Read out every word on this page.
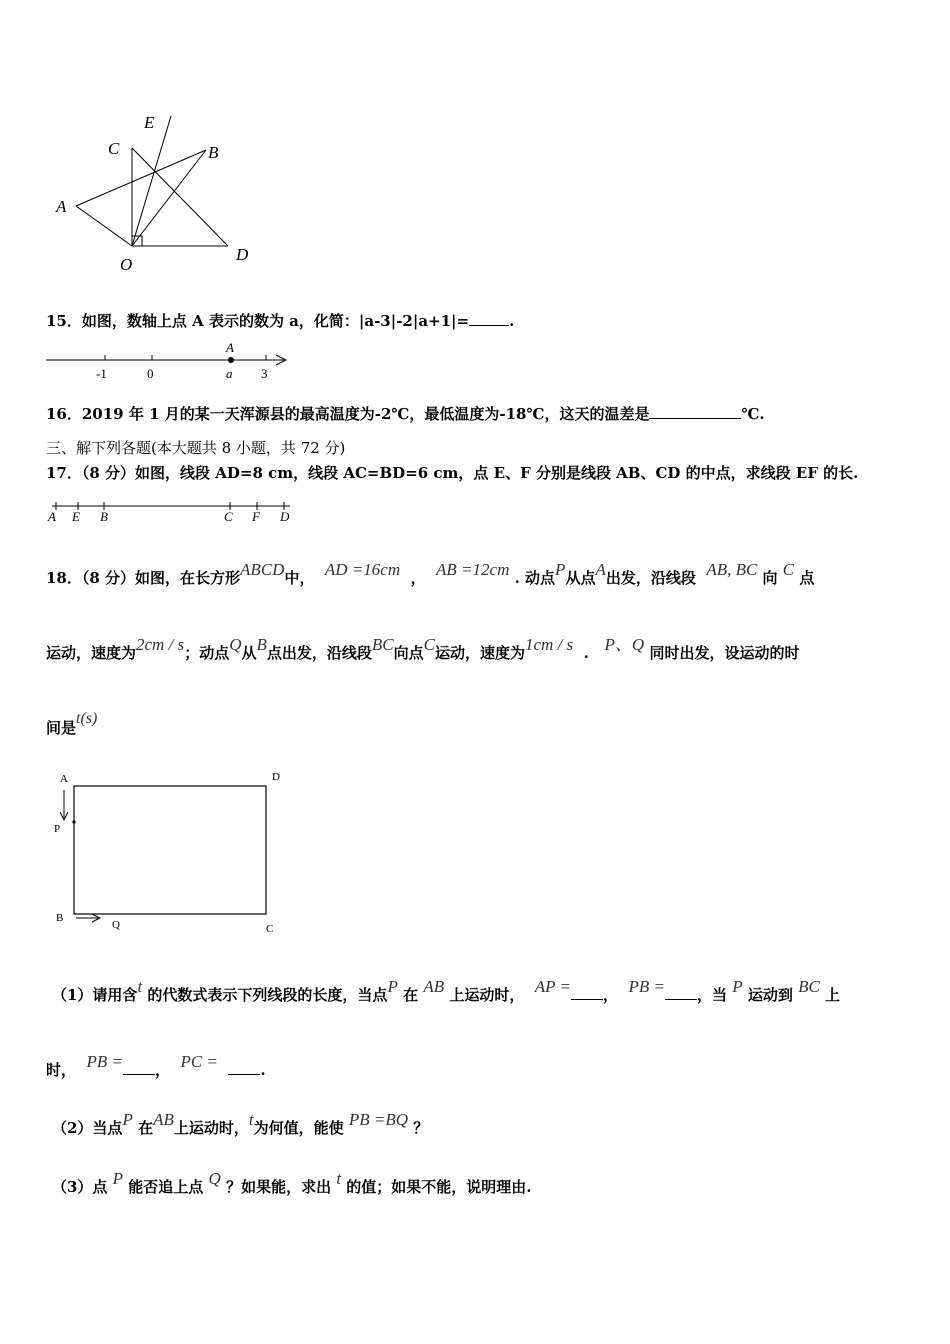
E
C	B
A
O
D
15．如图，数轴上点 A 表示的数为 a，化简：|a-3|-2|a+1|=	.
A
-1	0	a 3
16．2019 年 1 月的某一天浑源县的最高温度为-2℃，最低温度为-18℃，这天的温差是	℃.
三、解下列各题(本大题共 8 小题，共 72 分)
17．（8 分）如图，线段 AD=8 cm，线段 AC=BD=6 cm，点 E、F 分别是线段 AB、CD 的中点，求线段 EF 的长.
A E B	C F D
18．（8 分）如图，在长方形ABCD中， AD =16cm ， AB =12cm . 动点P从点A出发，沿线段 AB, BC 向 C 点
运动，速度为2cm / s；动点Q从B点出发，沿线段BC向点C运动，速度为1cm / s . P、Q 同时出发，设运动的时
间是t(s)
A	D
P
B
Q	C
（1）请用含t 的代数式表示下列线段的长度，当点P 在 AB 上运动时， AP = ， PB = ，当 P 运动到 BC 上
时， PB = ， PC =	.
（2）当点P 在AB上运动时，t为何值，能使 PB =BQ ？
（3）点 P 能否追上点 Q ？如果能，求出 t 的值；如果不能，说明理由.
